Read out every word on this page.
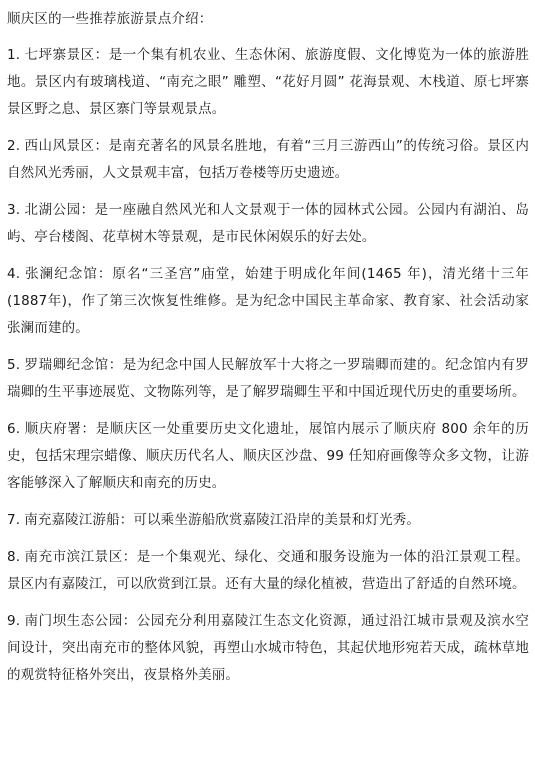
顺庆区的一些推荐旅游景点介绍：

1. 七坪寨景区：是一个集有机农业、生态休闲、旅游度假、文化博览为一体的旅游胜地。景区内有玻璃栈道、“南充之眼” 雕塑、“花好月圆” 花海景观、木栈道、原七坪寨景区野之息、景区寨门等景观景点。

2. 西山风景区：是南充著名的风景名胜地，有着“三月三游西山”的传统习俗。景区内自然风光秀丽，人文景观丰富，包括万卷楼等历史遗迹。

3. 北湖公园：是一座融自然风光和人文景观于一体的园林式公园。公园内有湖泊、岛屿、亭台楼阁、花草树木等景观，是市民休闲娱乐的好去处。

4. 张澜纪念馆：原名“三圣宫”庙堂，始建于明成化年间(1465 年)，清光绪十三年(1887年)，作了第三次恢复性维修。是为纪念中国民主革命家、教育家、社会活动家张澜而建的。

5. 罗瑞卿纪念馆：是为纪念中国人民解放军十大将之一罗瑞卿而建的。纪念馆内有罗瑞卿的生平事迹展览、文物陈列等，是了解罗瑞卿生平和中国近现代历史的重要场所。

6. 顺庆府署：是顺庆区一处重要历史文化遗址，展馆内展示了顺庆府 800 余年的历史，包括宋理宗蜡像、顺庆历代名人、顺庆区沙盘、99 任知府画像等众多文物，让游客能够深入了解顺庆和南充的历史。

7. 南充嘉陵江游船：可以乘坐游船欣赏嘉陵江沿岸的美景和灯光秀。

8. 南充市滨江景区：是一个集观光、绿化、交通和服务设施为一体的沿江景观工程。景区内有嘉陵江，可以欣赏到江景。还有大量的绿化植被，营造出了舒适的自然环境。

9. 南门坝生态公园：公园充分利用嘉陵江生态文化资源，通过沿江城市景观及滨水空间设计，突出南充市的整体风貌，再塑山水城市特色，其起伏地形宛若天成，疏林草地的观赏特征格外突出，夜景格外美丽。
